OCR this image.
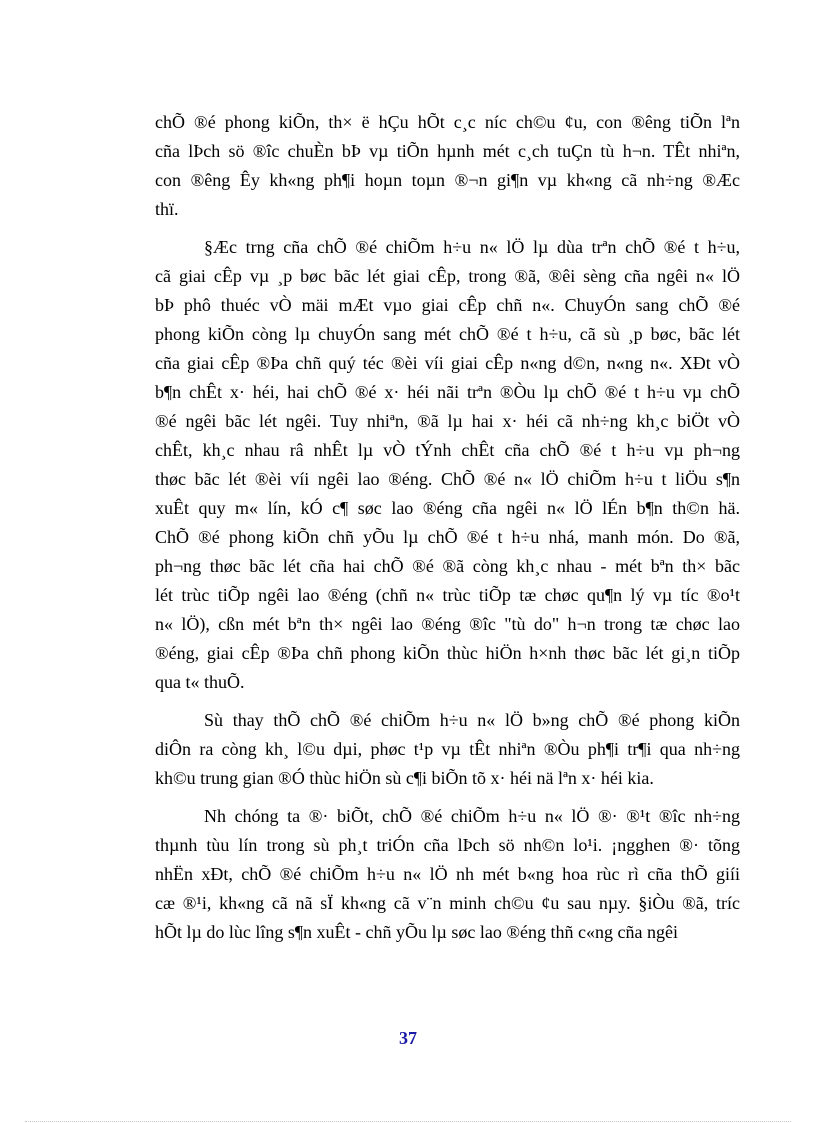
chÕ ®é phong kiÕn, th× ë hÇu hÕt c¸c níc ch©u ¢u, con ®êng tiÕn lªn
cña lÞch sö ®îc chuÈn bÞ vµ tiÕn hµnh mét c¸ch tuÇn tù h¬n. TÊt nhiªn,
con ®êng Êy kh«ng ph¶i hoµn toµn ®¬n gi¶n vµ kh«ng cã nh÷ng ®Æc
thï.
§Æc trng cña chÕ ®é chiÕm h÷u n« lÖ lµ dùa trªn chÕ ®é t h÷u,
cã giai cÊp vµ ¸p bøc bãc lét giai cÊp, trong ®ã, ®êi sèng cña ngêi n« lÖ
bÞ phô thuéc vÒ mäi mÆt vµo giai cÊp chñ n«. ChuyÓn sang chÕ ®é
phong kiÕn còng lµ chuyÓn sang mét chÕ ®é t h÷u, cã sù ¸p bøc, bãc lét
cña giai cÊp ®Þa chñ quý téc ®èi víi giai cÊp n«ng d©n, n«ng n«. XÐt vÒ
b¶n chÊt x· héi, hai chÕ ®é x· héi nãi trªn ®Òu lµ chÕ ®é t h÷u vµ chÕ
®é ngêi bãc lét ngêi. Tuy nhiªn, ®ã lµ hai x· héi cã nh÷ng kh¸c biÖt vÒ
chÊt, kh¸c nhau râ nhÊt lµ vÒ tÝnh chÊt cña chÕ ®é t h÷u vµ ph¬ng
thøc bãc lét ®èi víi ngêi lao ®éng. ChÕ ®é n« lÖ chiÕm h÷u t liÖu s¶n
xuÊt quy m« lín, kÓ c¶ søc lao ®éng cña ngêi n« lÖ lÉn b¶n th©n hä.
ChÕ ®é phong kiÕn chñ yÕu lµ chÕ ®é t h÷u nhá, manh món. Do ®ã,
ph¬ng thøc bãc lét cña hai chÕ ®é ®ã còng kh¸c nhau - mét bªn th× bãc
lét trùc tiÕp ngêi lao ®éng (chñ n« trùc tiÕp tæ chøc qu¶n lý vµ tíc ®o¹t
n« lÖ), cßn mét bªn th× ngêi lao ®éng ®îc "tù do" h¬n trong tæ chøc lao
®éng, giai cÊp ®Þa chñ phong kiÕn thùc hiÖn h×nh thøc bãc lét gi¸n tiÕp
qua t« thuÕ.
Sù thay thÕ chÕ ®é chiÕm h÷u n« lÖ b»ng chÕ ®é phong kiÕn
diÔn ra còng kh¸ l©u dµi, phøc t¹p vµ tÊt nhiªn ®Òu ph¶i tr¶i qua nh÷ng
kh©u trung gian ®Ó thùc hiÖn sù c¶i biÕn tõ x· héi nä lªn x· héi kia.
Nh chóng ta ®· biÕt, chÕ ®é chiÕm h÷u n« lÖ ®· ®¹t ®îc nh÷ng
thµnh tùu lín trong sù ph¸t triÓn cña lÞch sö nh©n lo¹i. ¡ngghen ®· tõng
nhËn xÐt, chÕ ®é chiÕm h÷u n« lÖ nh mét b«ng hoa rùc rì cña thÕ giíi
cæ ®¹i, kh«ng cã nã sÏ kh«ng cã v¨n minh ch©u ¢u sau nµy. §iÒu ®ã, tríc
hÕt lµ do lùc lîng s¶n xuÊt - chñ yÕu lµ søc lao ®éng thñ c«ng cña ngêi
37
